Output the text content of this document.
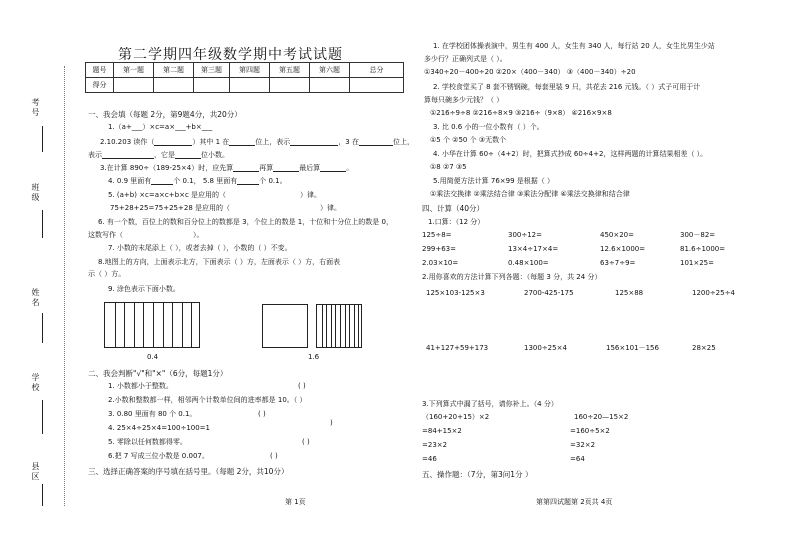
考号
班级
姓名
学校
县区
第二学期四年级数学期中考试试题
题号	第一题	第二题	第三题	第四题	第五题	第六题	总分
得分							
一、我会填（每题 2分，第9题4分，共20分）
1.（a+___）×c=a×___+b×___
2.10.203 读作（	）其中 1 在	位上，表示	，3 在	位上，
表示	，它是	位小数。
3.在计算 890÷（189-25×4）时，应先算	再算	最后算	。
4. 0.9 里面有	个 0.1， 5.8 里面有	个 0.1。
5. (a+b) ×c=a×c+b×c 是应用的（	）律。
75+28+25=75+25+28 是应用的（	）律。
6. 有一个数，百位上的数和百分位上的数都是 3，个位上的数是 1，十位和十分位上的数是 0，
这数写作（	）。
7. 小数的末尾添上（ ），或者去掉（ ），小数的（ ）不变。
8.地图上的方向，上面表示北方，下面表示（ ）方，左面表示（ ）方，右面表
示（ ）方。
9. 涂色表示下面小数。
0.4	1.6
二、我会判断"√"和"×"（6分，每题1分）
1. 小数都小于整数。	( )
2.小数和整数都一样，相邻两个计数单位间的进率都是 10。（ ）
3. 0.80 里面有 80 个 0.1。	( )
4. 25×4÷25×4=100÷100=1
)
5. 零除以任何数都得零。	( )
6.把 7 写成三位小数是 0.007。	( )
三、选择正确答案的序号填在括号里。（每题 2分，共10分）
第 1页
1. 在学校团体操表演中，男生有 400 人，女生有 340 人，每行站 20 人，女生比男生少站
多少行？正确列式是（ ）。
①340÷20－400÷20 ②20×（400－340） ③（400－340）÷20
2. 学校食堂买了 8 套不锈钢碗，每套里装 9 只，共花去 216 元钱。（ ）式子可用于计
算每只碗多少元钱？（ ）
①216÷9÷8 ②216÷8×9 ③216÷（9×8） ④216×9×8
3. 比 0.6 小的一位小数有（ ）个。
①5 个 ②50 个 ③无数个
4. 小华在计算 60÷（4+2）时，把算式抄成 60÷4+2，这样两题的计算结果相差（ ）。
①8 ②7 ③5
5.用简便方法计算 76×99 是根据（ ）
①乘法交换律 ②乘法结合律 ③乘法分配律 ④乘法交换律和结合律
四、计算（40分）
1.口算：（12 分）
125÷8=	300÷12=	450×20=	300－82=
299+63=	13×4÷17×4=	12.6×1000=	81.6÷1000=
2.03×10=	0.48×100=	63÷7÷9=	101×25=
2.用你喜欢的方法计算下列各题：（每题 3 分，共 24 分）
125×103-125×3	2700-425-175	125×88	1200÷25÷4
41+127+59+173	1300÷25×4	156×101－156	28×25
3.下列算式中漏了括号，请你补上。（4 分）
（160+20+15）×2
=84+15×2
=23×2
=46
160÷20—15×2
=160÷5×2
=32×2
=64
五、操作题：（7分，第3问1分 ）
第第四试题第 2页共 4页
